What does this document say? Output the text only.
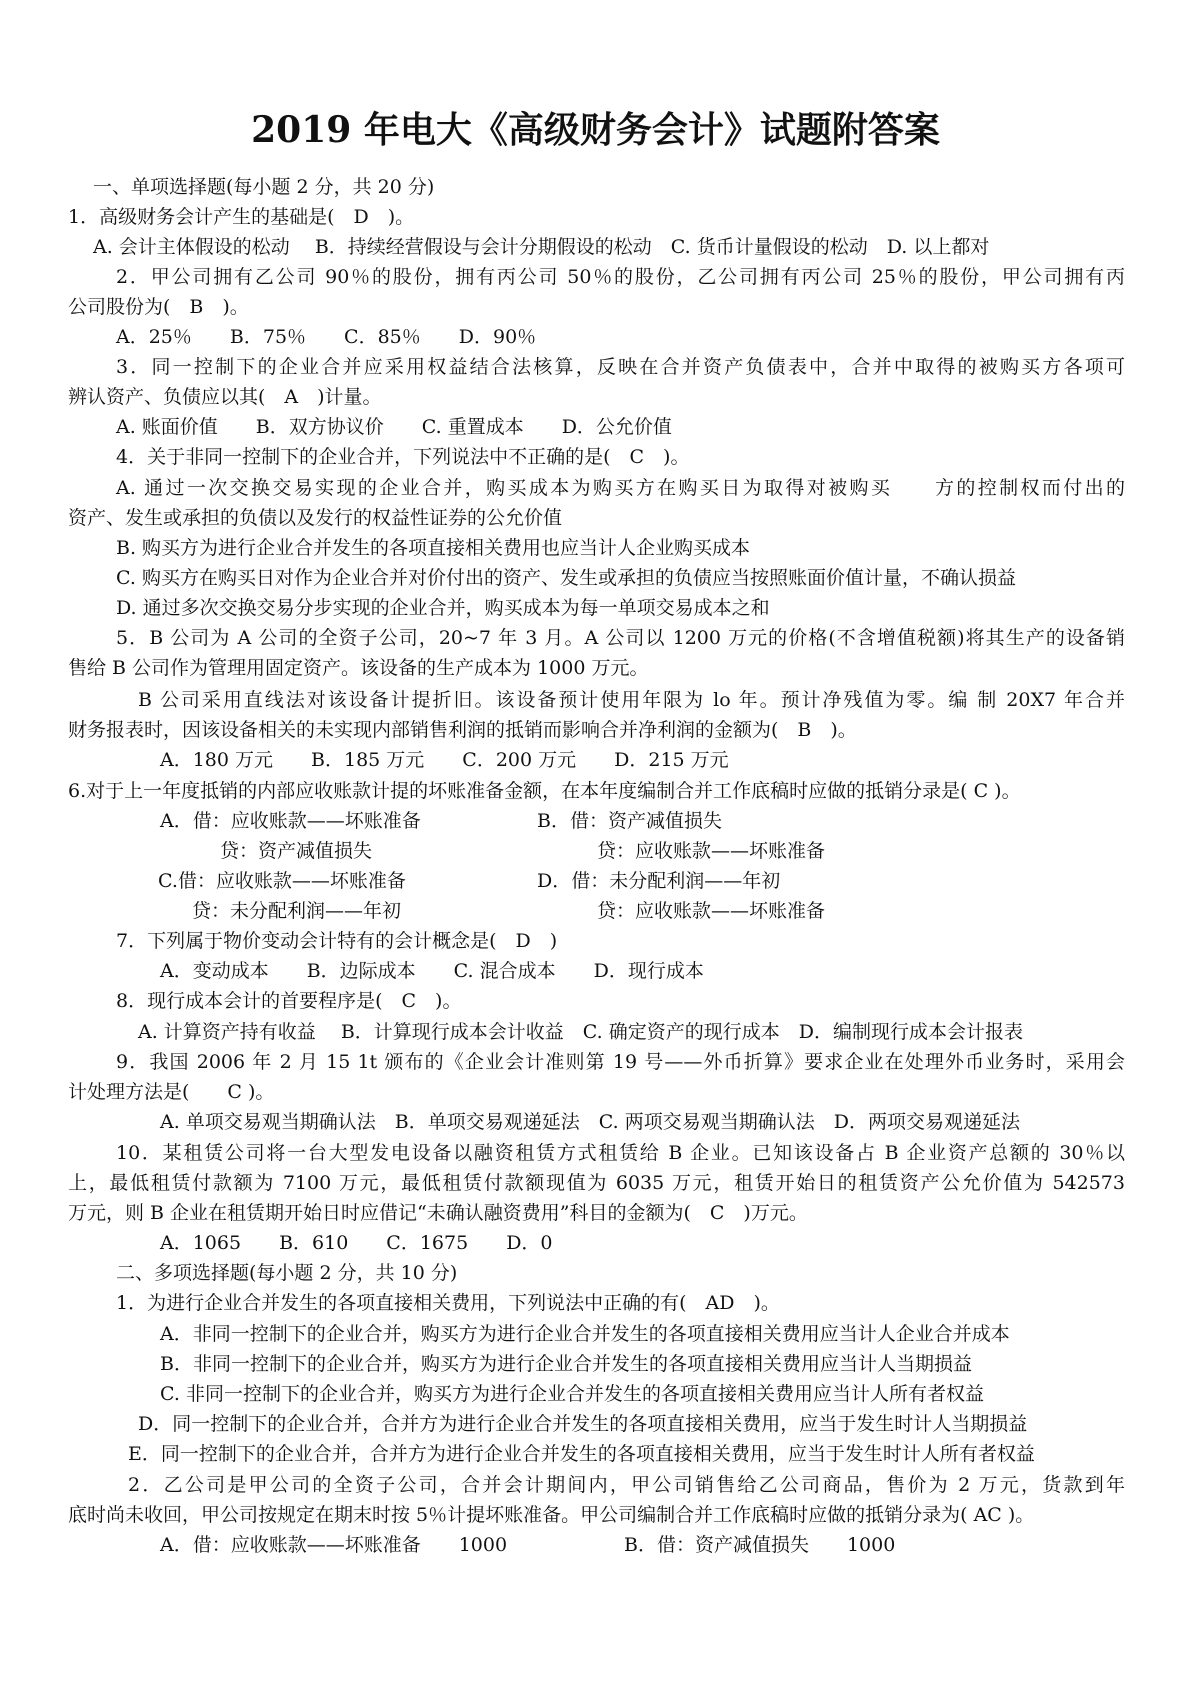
2019 年电大《高级财务会计》试题附答案
一、单项选择题(每小题 2 分，共 20 分)
1．高级财务会计产生的基础是(　D　)。
A. 会计主体假设的松动　 B．持续经营假设与会计分期假设的松动　C. 货币计量假设的松动　D. 以上都对
2．甲公司拥有乙公司 90％的股份，拥有丙公司 50％的股份，乙公司拥有丙公司 25％的股份，甲公司拥有丙
公司股份为(　B　)。
A．25％　　B．75％　　C．85％　　D．90％
3．同一控制下的企业合并应采用权益结合法核算，反映在合并资产负债表中，合并中取得的被购买方各项可
辨认资产、负债应以其(　A　)计量。
A. 账面价值　　B．双方协议价　　C. 重置成本　　D．公允价值
4．关于非同一控制下的企业合并，下列说法中不正确的是(　C　)。
A. 通过一次交换交易实现的企业合并，购买成本为购买方在购买日为取得对被购买　　方的控制权而付出的
资产、发生或承担的负债以及发行的权益性证券的公允价值
B. 购买方为进行企业合并发生的各项直接相关费用也应当计人企业购买成本
C. 购买方在购买日对作为企业合并对价付出的资产、发生或承担的负债应当按照账面价值计量，不确认损益
D. 通过多次交换交易分步实现的企业合并，购买成本为每一单项交易成本之和
5．B 公司为 A 公司的全资子公司，20~7 年 3 月。A 公司以 1200 万元的价格(不含增值税额)将其生产的设备销
售给 B 公司作为管理用固定资产。该设备的生产成本为 1000 万元。
B 公司采用直线法对该设备计提折旧。该设备预计使用年限为 lo 年。预计净残值为零。编 制 20X7 年合并
财务报表时，因该设备相关的未实现内部销售利润的抵销而影响合并净利润的金额为(　B　)。
A．180 万元　　B．185 万元　　C．200 万元　　D．215 万元
6.对于上一年度抵销的内部应收账款计提的坏账准备金额，在本年度编制合并工作底稿时应做的抵销分录是( C )。
A．借：应收账款——坏账准备	B．借：资产减值损失
贷：资产减值损失	贷：应收账款——坏账准备
C.借：应收账款——坏账准备	D．借：未分配利润——年初
贷：未分配利润——年初	贷：应收账款——坏账准备
7．下列属于物价变动会计特有的会计概念是(　D　)
A．变动成本　　B．边际成本　　C. 混合成本　　D．现行成本
8．现行成本会计的首要程序是(　C　)。
A. 计算资产持有收益　 B．计算现行成本会计收益　C. 确定资产的现行成本　D．编制现行成本会计报表
9．我国 2006 年 2 月 15 1t 颁布的《企业会计准则第 19 号——外币折算》要求企业在处理外币业务时，采用会
计处理方法是(　　C )。
A. 单项交易观当期确认法　B．单项交易观递延法　C. 两项交易观当期确认法　D．两项交易观递延法
10．某租赁公司将一台大型发电设备以融资租赁方式租赁给 B 企业。已知该设备占 B 企业资产总额的 30％以
上，最低租赁付款额为 7100 万元，最低租赁付款额现值为 6035 万元，租赁开始日的租赁资产公允价值为 542573
万元，则 B 企业在租赁期开始日时应借记“未确认融资费用”科目的金额为(　C　)万元。
A．1065　　B．610　　C．1675　　D．0
二、多项选择题(每小题 2 分，共 10 分)
1．为进行企业合并发生的各项直接相关费用，下列说法中正确的有(　AD　)。
A．非同一控制下的企业合并，购买方为进行企业合并发生的各项直接相关费用应当计人企业合并成本
B．非同一控制下的企业合并，购买方为进行企业合并发生的各项直接相关费用应当计人当期损益
C. 非同一控制下的企业合并，购买方为进行企业合并发生的各项直接相关费用应当计人所有者权益
D．同一控制下的企业合并，合并方为进行企业合并发生的各项直接相关费用，应当于发生时计人当期损益
E．同一控制下的企业合并，合并方为进行企业合并发生的各项直接相关费用，应当于发生时计人所有者权益
2．乙公司是甲公司的全资子公司，合并会计期间内，甲公司销售给乙公司商品，售价为 2 万元，货款到年
底时尚未收回，甲公司按规定在期末时按 5％计提坏账准备。甲公司编制合并工作底稿时应做的抵销分录为( AC )。
A．借：应收账款——坏账准备　　1000	B．借：资产减值损失　　1000
